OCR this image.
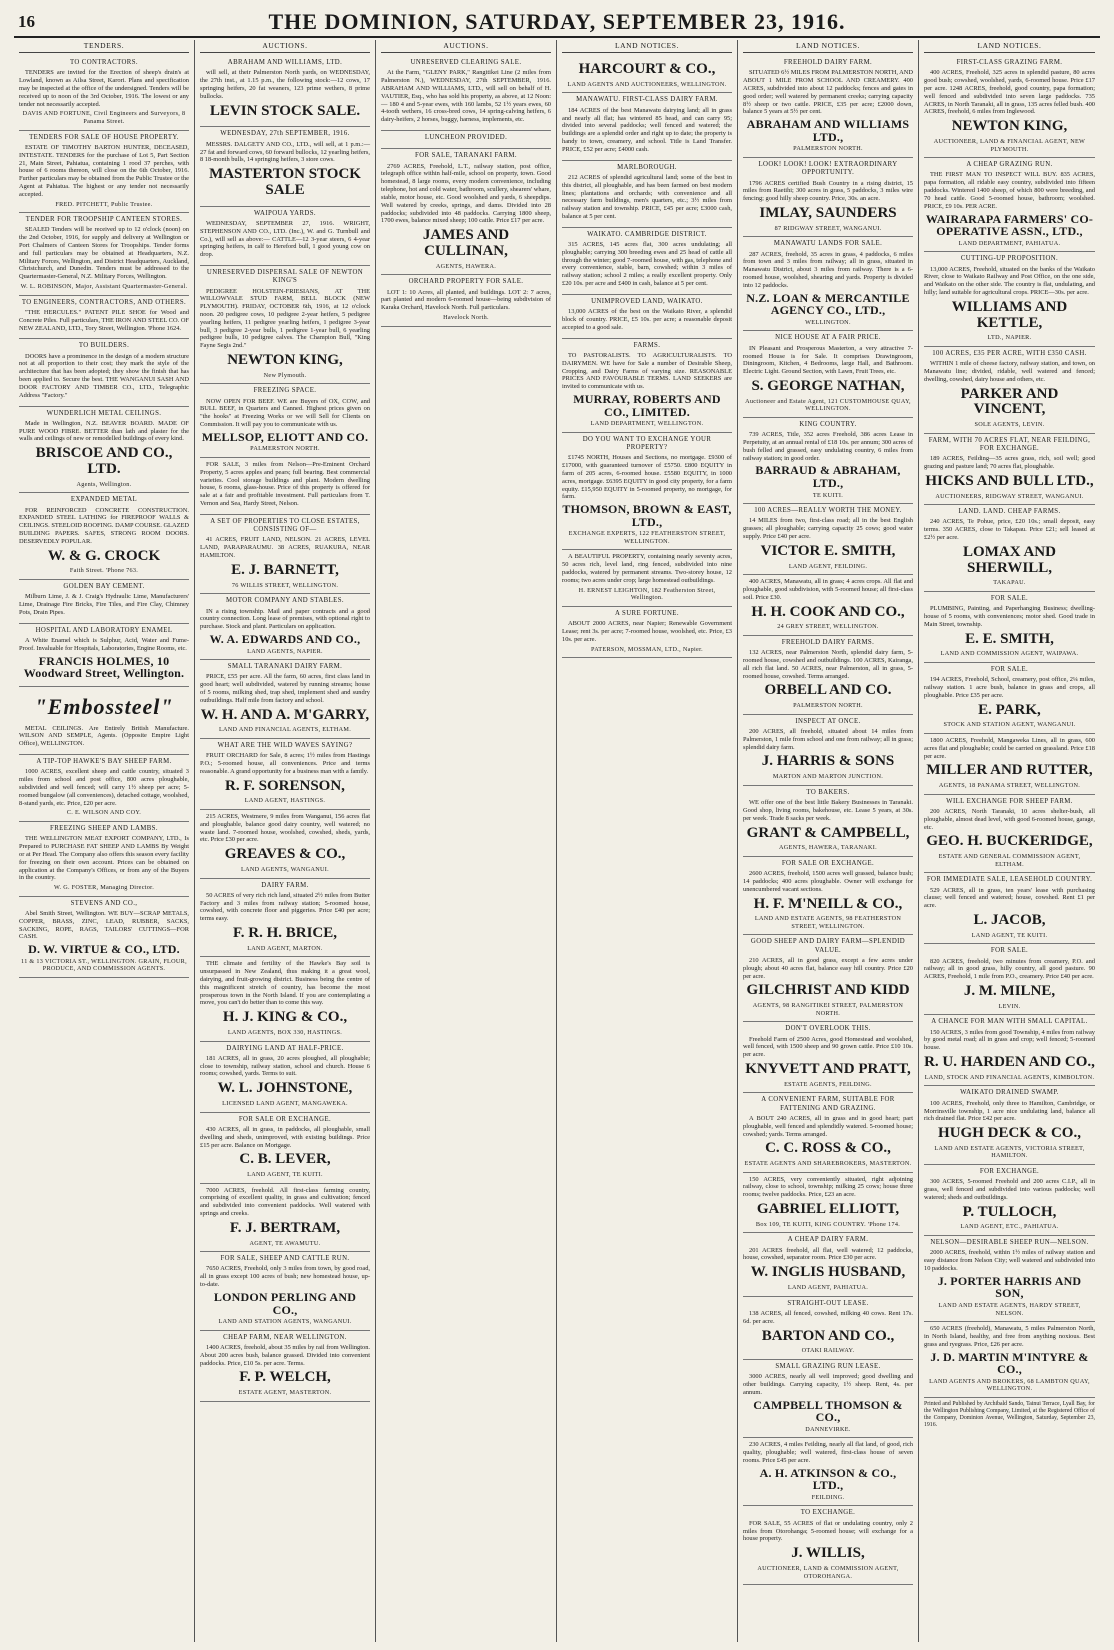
16	THE DOMINION, SATURDAY, SEPTEMBER 23, 1916.
TENDERS.
TO CONTRACTORS.

TENDERS are invited for the Erection of sheep's drain's at Lowland, known as Ailsa Street, Karori. Plans and specification may be inspected at the office of the undersigned. Tenders will be received up to noon of the 3rd October, 1916. The lowest or any tender not necessarily accepted.

DAVIS AND FORTUNE, Civil Engineers and Surveyors, 8 Panama Street.
TENDERS FOR SALE OF HOUSE PROPERTY.

ESTATE OF TIMOTHY BARTON HUNTER, DECEASED, INTESTATE. TENDERS for the purchase of Lot 5, Part Section 21, Main Street, Pahiatua, containing 1 rood 37 perches, with house of 6 rooms thereon, will close on the 6th October, 1916. Further particulars may be obtained from the Public Trustee or the Agent at Pahiatua. The highest or any tender not necessarily accepted.

FRED. PITCHETT, Public Trustee.
TENDER FOR TROOPSHIP CANTEEN STORES.

SEALED Tenders will be received up to 12 o'clock (noon) on the 2nd October, 1916, for supply and delivery at Wellington or Port Chalmers of Canteen Stores for Troopships. Tender forms and full particulars may be obtained at Headquarters, N.Z. Military Forces, Wellington, and District Headquarters, Auckland, Christchurch, and Dunedin. Tenders must be addressed to the Quartermaster-General, N.Z. Military Forces, Wellington.

W. L. ROBINSON, Major, Assistant Quartermaster-General.
TO ENGINEERS, CONTRACTORS, AND OTHERS.

"THE HERCULES." PATENT PILE SHOE for Wood and Concrete Piles. Full particulars, THE IRON AND STEEL CO. OF NEW ZEALAND, LTD., Tory Street, Wellington. 'Phone 1624.

TO BUILDERS.

DOORS have a prominence in the design of a modern structure not at all proportion to their cost; they mark the style of the architecture that has been adopted; they show the finish that has been applied to. Secure the best. THE WANGANUI SASH AND DOOR FACTORY AND TIMBER CO., LTD., Telegraphic Address "Factory."

WUNDERLICH METAL CEILINGS.

Made in Wellington, N.Z. BEAVER BOARD. MADE OF PURE WOOD FIBRE. BETTER than lath and plaster for the walls and ceilings of new or remodelled buildings of every kind.

BRISCOE AND CO., LTD.
Agents, Wellington.
EXPANDED METAL

FOR REINFORCED CONCRETE CONSTRUCTION. EXPANDED STEEL LATHING for FIREPROOF WALLS & CEILINGS. STEELOID ROOFING. DAMP COURSE. GLAZED BUILDING PAPERS. SAFES, STRONG ROOM DOORS. DESERVEDLY POPULAR.

W. & G. CROCK
Faith Street. 'Phone 763.
GOLDEN BAY CEMENT.

Milburn Lime, J. & J. Craig's Hydraulic Lime, Manufacturers' Lime, Drainage Fire Bricks, Fire Tiles, and Fire Clay, Chimney Pots, Drain Pipes.

HOSPITAL AND LABORATORY ENAMEL

A White Enamel which is Sulphur, Acid, Water and Fume-Proof. Invaluable for Hospitals, Laboratories, Engine Rooms, etc.

FRANCIS HOLMES, 10 Woodward Street, Wellington.
"Embossteel"

METAL CEILINGS. Are Entirely British Manufacture. WILSON AND SEMPLE, Agents. (Opposite Empire Light Office), WELLINGTON.

A TIP-TOP HAWKE'S BAY SHEEP FARM.

1000 ACRES, excellent sheep and cattle country, situated 3 miles from school and post office, 800 acres ploughable, subdivided and well fenced; will carry 1½ sheep per acre; 5-roomed bungalow (all conveniences), detached cottage, woolshed, 8-stand yards, etc. Price, £20 per acre.

C. E. WILSON AND COY.
FREEZING SHEEP AND LAMBS.

THE WELLINGTON MEAT EXPORT COMPANY, LTD., Is Prepared to PURCHASE FAT SHEEP AND LAMBS By Weight or at Per Head. The Company also offers this season every facility for freezing on their own account. Prices can be obtained on application at the Company's Offices, or from any of the Buyers in the country.

W. G. FOSTER, Managing Director.
STEVENS AND CO.,

Abel Smith Street, Wellington. WE BUY—SCRAP METALS, COPPER, BRASS, ZINC, LEAD, RUBBER, SACKS, SACKING, ROPE, RAGS, TAILORS' CUTTINGS—FOR CASH.

D. W. VIRTUE & CO., LTD.
11 & 13 VICTORIA ST., WELLINGTON. GRAIN, FLOUR, PRODUCE, AND COMMISSION AGENTS.
AUCTIONS.
ABRAHAM AND WILLIAMS, LTD.

will sell, at their Palmerston North yards, on WEDNESDAY, the 27th inst., at 1.15 p.m., the following stock:—12 cows, 17 springing heifers, 20 fat weaners, 123 prime wethers, 8 prime bullocks.

LEVIN STOCK SALE.
WEDNESDAY, 27th SEPTEMBER, 1916.

MESSRS. DALGETY AND CO., LTD., will sell, at 1 p.m.:— 27 fat and forward cows, 60 forward bullocks, 12 yearling heifers, 8 18-month bulls, 14 springing heifers, 3 store cows.

MASTERTON STOCK SALE
WAIPOUA YARDS.

WEDNESDAY, SEPTEMBER 27, 1916. WRIGHT, STEPHENSON AND CO., LTD. (Inc.), W. and G. Turnbull and Co.), will sell as above:— CATTLE—12 3-year steers, 6 4-year springing heifers, in calf to Hereford bull, 1 good young cow on drop.

UNRESERVED DISPERSAL SALE OF NEWTON KING'S

PEDIGREE HOLSTEIN-FRIESIANS, AT THE WILLOWVALE STUD FARM, BELL BLOCK (NEW PLYMOUTH). FRIDAY, OCTOBER 6th, 1916, at 12 o'clock noon. 20 pedigree cows, 10 pedigree 2-year heifers, 5 pedigree yearling heifers, 11 pedigree yearling heifers, 1 pedigree 3-year bull, 3 pedigree 2-year bulls, 1 pedigree 1-year bull, 6 yearling pedigree bulls, 10 pedigree calves. The Champion Bull, "King Fayne Segis 2nd."

NEWTON KING,
New Plymouth.
FREEZING SPACE.

NOW OPEN FOR BEEF. WE are Buyers of OX, COW, and BULL BEEF, in Quarters and Canned. Highest prices given on "the hooks" at Freezing Works or we will Sell for Clients on Commission. It will pay you to communicate with us.

MELLSOP, ELIOTT AND CO.
PALMERSTON NORTH.

FOR SALE, 3 miles from Nelson—Pre-Eminent Orchard Property, 5 acres apples and pears; full bearing. Best commercial varieties. Cool storage buildings and plant. Modern dwelling house, 6 rooms, glass-house. Price of this property is offered for sale at a fair and profitable investment. Full particulars from T. Vernon and Sea, Hardy Street, Nelson.

A SET OF PROPERTIES TO CLOSE ESTATES, CONSISTING OF—

41 ACRES, FRUIT LAND, NELSON. 21 ACRES, LEVEL LAND, PARAPARAUMU. 38 ACRES, RUAKURA, NEAR HAMILTON.

E. J. BARNETT,
76 WILLIS STREET, WELLINGTON.
MOTOR COMPANY AND STABLES.

IN a rising township. Mail and paper contracts and a good country connection. Long lease of premises, with optional right to purchase. Stock and plant. Particulars on application.

W. A. EDWARDS AND CO.,
LAND AGENTS, NAPIER.
SMALL TARANAKI DAIRY FARM.

PRICE, £55 per acre. All the farm, 60 acres, first class land in good heart; well subdivided, watered by running streams; house of 5 rooms, milking shed, trap shed, implement shed and sundry outbuildings. Half mile from factory and school.

W. H. AND A. M'GARRY,
LAND AND FINANCIAL AGENTS, ELTHAM.
WHAT ARE THE WILD WAVES SAYING?

FRUIT ORCHARD for Sale, 8 acres; 1½ miles from Hastings P.O.; 5-roomed house, all conveniences. Price and terms reasonable. A grand opportunity for a business man with a family.

R. F. SORENSON,
LAND AGENT, HASTINGS.

215 ACRES, Westmere, 9 miles from Wanganui, 156 acres flat and ploughable, balance good dairy country, well watered; no waste land. 7-roomed house, woolshed, cowshed, sheds, yards, etc. Price £30 per acre.

GREAVES & CO.,
LAND AGENTS, WANGANUI.
DAIRY FARM.

50 ACRES of very rich rich land, situated 2½ miles from Butter Factory and 3 miles from railway station; 5-roomed house, cowshed, with concrete floor and piggeries. Price £40 per acre; terms easy.

F. R. H. BRICE,
LAND AGENT, MARTON.

THE climate and fertility of the Hawke's Bay soil is unsurpassed in New Zealand, thus making it a great wool, dairying, and fruit-growing district. Business being the centre of this magnificent stretch of country, has become the most prosperous town in the North Island. If you are contemplating a move, you can't do better than to come this way.

H. J. KING & CO.,
LAND AGENTS, BOX 330, HASTINGS.
DAIRYING LAND AT HALF-PRICE.

181 ACRES, all in grass, 20 acres ploughed, all ploughable; close to township, railway station, school and church. House 6 rooms; cowshed, yards. Terms to suit.

W. L. JOHNSTONE,
LICENSED LAND AGENT, MANGAWEKA.
FOR SALE OR EXCHANGE.

430 ACRES, all in grass, in paddocks, all ploughable, small dwelling and sheds, unimproved, with existing buildings. Price £15 per acre. Balance on Mortgage.

C. B. LEVER,
LAND AGENT, TE KUITI.

7000 ACRES, freehold. All first-class farming country, comprising of excellent quality, in grass and cultivation; fenced and subdivided into convenient paddocks. Well watered with springs and creeks.

F. J. BERTRAM,
AGENT, TE AWAMUTU.
FOR SALE, SHEEP AND CATTLE RUN.

7650 ACRES, Freehold, only 3 miles from town, by good road, all in grass except 100 acres of bush; new homestead house, up-to-date.

LONDON PERLING AND CO.,
LAND AND STATION AGENTS, WANGANUI.
CHEAP FARM, NEAR WELLINGTON.

1400 ACRES, freehold, about 35 miles by rail from Wellington. About 200 acres bush, balance grassed. Divided into convenient paddocks. Price, £10 5s. per acre. Terms.

F. P. WELCH,
ESTATE AGENT, MASTERTON.
AUCTIONS.
UNRESERVED CLEARING SALE.

At the Farm, "GLENY PARK," Rangitikei Line (2 miles from Palmerston N.), WEDNESDAY, 27th SEPTEMBER, 1916. ABRAHAM AND WILLIAMS, LTD., will sell on behalf of H. VAUTIER, Esq., who has sold his property, as above, at 12 Noon:— 180 4 and 5-year ewes, with 160 lambs, 52 1½ years ewes, 60 4-tooth wethers, 16 cross-bred cows, 14 spring-calving heifers, 6 dairy-heifers, 2 horses, buggy, harness, implements, etc.

LUNCHEON PROVIDED.
FOR SALE, TARANAKI FARM.

2769 ACRES, Freehold, L.T., railway station, post office, telegraph office within half-mile, school on property, town. Good homestead, 8 large rooms, every modern convenience, including telephone, hot and cold water, bathroom, scullery, shearers' whare, stable, motor house, etc. Good woolshed and yards, 6 sheepdips. Well watered by creeks, springs, and dams. Divided into 28 paddocks; subdivided into 48 paddocks. Carrying 1800 sheep, 1700 ewes, balance mixed sheep; 100 cattle. Price £17 per acre.

JAMES AND CULLINAN,
AGENTS, HAWERA.
ORCHARD PROPERTY FOR SALE.

LOT 1: 10 Acres, all planted, and buildings. LOT 2: 7 acres, part planted and modern 6-roomed house—being subdivision of Karaka Orchard, Havelock North. Full particulars.

Havelock North.
LAND NOTICES.
HARCOURT & CO.,
LAND AGENTS AND AUCTIONEERS, WELLINGTON.
MANAWATU. FIRST-CLASS DAIRY FARM.

184 ACRES of the best Manawatu dairying land; all in grass and nearly all flat; has wintered 85 head, and can carry 95; divided into several paddocks; well fenced and watered; the buildings are a splendid order and right up to date; the property is handy to town, creamery, and school. Title is Land Transfer. PRICE, £52 per acre; £4000 cash.

MARLBOROUGH.

212 ACRES of splendid agricultural land; some of the best in this district, all ploughable, and has been farmed on best modern lines; plantations and orchards; with convenience and all necessary farm buildings, men's quarters, etc.; 3½ miles from railway station and township. PRICE, £45 per acre; £3000 cash, balance at 5 per cent.

WAIKATO. CAMBRIDGE DISTRICT.

315 ACRES, 145 acres flat, 300 acres undulating; all ploughable; carrying 300 breeding ewes and 25 head of cattle all through the winter; good 7-roomed house, with gas, telephone and every convenience, stable, barn, cowshed; within 3 miles of railway station; school 2 miles; a really excellent property. Only £20 10s. per acre and £400 in cash, balance at 5 per cent.

UNIMPROVED LAND, WAIKATO.

13,000 ACRES of the best on the Waikato River, a splendid block of country. PRICE, £5 10s. per acre; a reasonable deposit accepted to a good sale.

FARMS.

TO PASTORALISTS. TO AGRICULTURALISTS. TO DAIRYMEN. WE have for Sale a number of Desirable Sheep, Cropping, and Dairy Farms of varying size. REASONABLE PRICES AND FAVOURABLE TERMS. LAND SEEKERS are invited to communicate with us.

MURRAY, ROBERTS AND CO., LIMITED.
LAND DEPARTMENT, WELLINGTON.
DO YOU WANT TO EXCHANGE YOUR PROPERTY?

£1745 NORTH, Houses and Sections, no mortgage. £9300 of £17000, with guaranteed turnover of £5750. £800 EQUITY in farm of 205 acres, 6-roomed house. £5580 EQUITY, in 1000 acres, mortgage. £6395 EQUITY in good city property, for a farm equity. £15,950 EQUITY in 5-roomed property, no mortgage, for farm.

THOMSON, BROWN & EAST, LTD.,
EXCHANGE EXPERTS, 122 FEATHERSTON STREET, WELLINGTON.

A BEAUTIFUL PROPERTY, containing nearly seventy acres, 50 acres rich, level land, ring fenced, subdivided into nine paddocks, watered by permanent streams. Two-storey house, 12 rooms; two acres under crop; large homestead outbuildings.

H. ERNEST LEIGHTON, 182 Featherston Street, Wellington.
A SURE FORTUNE.

ABOUT 2000 ACRES, near Napier; Renewable Government Lease; rent 3s. per acre; 7-roomed house, woolshed, etc. Price, £3 10s. per acre.

PATERSON, MOSSMAN, LTD., Napier.
LAND NOTICES.
FREEHOLD DAIRY FARM.

SITUATED 6½ MILES FROM PALMERSTON NORTH, AND ABOUT 1 MILE FROM SCHOOL AND CREAMERY. 400 ACRES, subdivided into about 12 paddocks; fences and gates in good order; well watered by permanent creeks; carrying capacity 8½ sheep or two cattle. PRICE, £35 per acre; £2000 down, balance 5 years at 5½ per cent.

ABRAHAM AND WILLIAMS LTD.,
PALMERSTON NORTH.
LOOK! LOOK! LOOK! EXTRAORDINARY OPPORTUNITY.

1796 ACRES certified Bush Country in a rising district, 15 miles from Raetihi; 300 acres in grass, 5 paddocks, 3 miles wire fencing; good hilly sheep country. Price, 30s. an acre.

IMLAY, SAUNDERS
87 RIDGWAY STREET, WANGANUI.
MANAWATU LANDS FOR SALE.

287 ACRES, freehold, 35 acres in grass, 4 paddocks, 6 miles from town and 3 miles from railway; all in grass, situated in Manawatu District, about 3 miles from railway. There is a 6-roomed house, woolshed, shearing and yards. Property is divided into 12 paddocks.

N.Z. LOAN & MERCANTILE AGENCY CO., LTD.,
WELLINGTON.
NICE HOUSE AT A FAIR PRICE.

IN Pleasant and Prosperous Masterton, a very attractive 7-roomed House is for Sale. It comprises Drawingroom, Diningroom, Kitchen, 4 Bedrooms, large Hall, and Bathroom. Electric Light. Ground Section, with Lawn, Fruit Trees, etc.

S. GEORGE NATHAN,
Auctioneer and Estate Agent, 121 CUSTOMHOUSE QUAY, WELLINGTON.
KING COUNTRY.

739 ACRES, Title, 352 acres Freehold, 386 acres Lease in Perpetuity, at an annual rental of £18 10s. per annum; 300 acres of bush felled and grassed, easy undulating country, 6 miles from railway station; in good order.

BARRAUD & ABRAHAM, LTD.,
TE KUITI.
100 ACRES—REALLY WORTH THE MONEY.

14 MILES from two, first-class road; all in the best English grasses; all ploughable; carrying capacity 25 cows; good water supply. Price £40 per acre.

VICTOR E. SMITH,
LAND AGENT, FEILDING.

400 ACRES, Manawatu, all in grass; 4 acres crops. All flat and ploughable, good subdivision, with 5-roomed house; all first-class soil. Price £30.

H. H. COOK AND CO.,
24 GREY STREET, WELLINGTON.
FREEHOLD DAIRY FARMS.

132 ACRES, near Palmerston North, splendid dairy farm, 5-roomed house, cowshed and outbuildings. 100 ACRES, Kairanga, all rich flat land. 50 ACRES, near Palmerston, all in grass, 5-roomed house, cowshed. Terms arranged.

ORBELL AND CO.
PALMERSTON NORTH.
INSPECT AT ONCE.

200 ACRES, all freehold, situated about 14 miles from Palmerston, 1 mile from school and one from railway; all in grass; splendid dairy farm.

J. HARRIS & SONS
MARTON AND MARTON JUNCTION.
TO BAKERS.

WE offer one of the best little Bakery Businesses in Taranaki. Good shop, living rooms, bakehouse, etc. Lease 5 years, at 30s. per week. Trade 8 sacks per week.

GRANT & CAMPBELL,
AGENTS, HAWERA, TARANAKI.
FOR SALE OR EXCHANGE.

2600 ACRES, freehold, 1500 acres well grassed, balance bush; 14 paddocks; 400 acres ploughable. Owner will exchange for unencumbered vacant sections.

H. F. M'NEILL & CO.,
LAND AND ESTATE AGENTS, 98 FEATHERSTON STREET, WELLINGTON.
GOOD SHEEP AND DAIRY FARM—SPLENDID VALUE.

210 ACRES, all in good grass, except a few acres under plough; about 40 acres flat, balance easy hill country. Price £20 per acre.

GILCHRIST AND KIDD
AGENTS, 98 RANGITIKEI STREET, PALMERSTON NORTH.
DON'T OVERLOOK THIS.

Freehold Farm of 2500 Acres, good Homestead and woolshed, well fenced, with 1500 sheep and 90 grown cattle. Price £10 10s. per acre.

KNYVETT AND PRATT,
ESTATE AGENTS, FEILDING.
A CONVENIENT FARM, SUITABLE FOR FATTENING AND GRAZING.

A BOUT 240 ACRES, all in grass and in good heart; part ploughable, well fenced and splendidly watered. 5-roomed house; cowshed; yards. Terms arranged.

C. C. ROSS & CO.,
ESTATE AGENTS AND SHAREBROKERS, MASTERTON.

150 ACRES, very conveniently situated, right adjoining railway, close to school, township; milking 25 cows; house three rooms; twelve paddocks. Price, £23 an acre.

GABRIEL ELLIOTT,
Box 109, TE KUITI, KING COUNTRY. 'Phone 174.
A CHEAP DAIRY FARM.

201 ACRES freehold, all flat, well watered; 12 paddocks, house, cowshed, separator room. Price £30 per acre.

W. INGLIS HUSBAND,
LAND AGENT, PAHIATUA.
STRAIGHT-OUT LEASE.

138 ACRES, all fenced, cowshed, milking 40 cows. Rent 17s. 6d. per acre.

BARTON AND CO.,
OTAKI RAILWAY.
SMALL GRAZING RUN LEASE.

3000 ACRES, nearly all well improved; good dwelling and other buildings. Carrying capacity, 1½ sheep. Rent, 4s. per annum.

CAMPBELL THOMSON & CO.,
DANNEVIRKE.

230 ACRES, 4 miles Feilding, nearly all flat land, of good, rich quality, ploughable; well watered, first-class house of seven rooms. Price £45 per acre.

A. H. ATKINSON & CO., LTD.,
FEILDING.
TO EXCHANGE.

FOR SALE, 55 ACRES of flat or undulating country, only 2 miles from Otorohanga; 5-roomed house; will exchange for a house property.

J. WILLIS,
AUCTIONEER, LAND & COMMISSION AGENT, OTOROHANGA.
LAND NOTICES.
FIRST-CLASS GRAZING FARM.

400 ACRES, Freehold, 325 acres in splendid pasture, 80 acres good bush; cowshed, woolshed, yards, 6-roomed house. Price £17 per acre. 1248 ACRES, freehold, good country, papa formation; well fenced and subdivided into seven large paddocks. 735 ACRES, in North Taranaki, all in grass, 135 acres felled bush. 400 ACRES, freehold, 6 miles from Inglewood.

NEWTON KING,
AUCTIONEER, LAND & FINANCIAL AGENT, NEW PLYMOUTH.
A CHEAP GRAZING RUN.

THE FIRST MAN TO INSPECT WILL BUY. 835 ACRES, papa formation, all ridable easy country, subdivided into fifteen paddocks. Wintered 1400 sheep, of which 800 were breeding, and 70 head cattle. Good 5-roomed house, bathroom; woolshed. PRICE, £9 10s. PER ACRE.

WAIRARAPA FARMERS' CO-OPERATIVE ASSN., LTD.,
LAND DEPARTMENT, PAHIATUA.
CUTTING-UP PROPOSITION.

13,000 ACRES, Freehold, situated on the banks of the Waikato River, close to Waikato Railway and Post Office, on the one side, and Waikato on the other side. The country is flat, undulating, and hilly; land suitable for agricultural crops. PRICE—30s. per acre.

WILLIAMS AND KETTLE,
LTD., NAPIER.
100 ACRES, £35 PER ACRE, WITH £350 CASH.

WITHIN 1 mile of cheese factory, railway station, and town, on Manawatu line; divided, ridable, well watered and fenced; dwelling, cowshed, dairy house and others, etc.

PARKER AND VINCENT,
SOLE AGENTS, LEVIN.
FARM, WITH 70 ACRES FLAT, NEAR FEILDING, FOR EXCHANGE.

189 ACRES, Feilding—35 acres grass, rich, soil well; good grazing and pasture land; 70 acres flat, ploughable.

HICKS AND BULL LTD.,
AUCTIONEERS, RIDGWAY STREET, WANGANUI.
LAND. LAND. CHEAP FARMS.

240 ACRES, Te Pohue, price, £20 10s.; small deposit, easy terms. 350 ACRES, close to Takapau. Price £21; sell leased at £2½ per acre.

LOMAX AND SHERWILL,
TAKAPAU.
FOR SALE.

PLUMBING, Painting, and Paperhanging Business; dwelling-house of 5 rooms, with conveniences; motor shed. Good trade in Main Street, township.

E. E. SMITH,
LAND AND COMMISSION AGENT, WAIPAWA.
FOR SALE.

194 ACRES, Freehold, School, creamery, post office, 2¼ miles, railway station. 1 acre bush, balance in grass and crops, all ploughable. Price £35 per acre.

E. PARK,
STOCK AND STATION AGENT, WANGANUI.

1800 ACRES, Freehold, Mangaweka Lines, all in grass, 600 acres flat and ploughable; could be carried on grassland. Price £18 per acre.

MILLER AND RUTTER,
AGENTS, 18 PANAMA STREET, WELLINGTON.
WILL EXCHANGE FOR SHEEP FARM.

200 ACRES, North Taranaki, 10 acres shelter-bush, all ploughable, almost dead level, with good 6-roomed house, garage, etc.

GEO. H. BUCKERIDGE,
ESTATE AND GENERAL COMMISSION AGENT, ELTHAM.
FOR IMMEDIATE SALE, LEASEHOLD COUNTRY.

529 ACRES, all in grass, ten years' lease with purchasing clause; well fenced and watered; house, cowshed. Rent £1 per acre.

L. JACOB,
LAND AGENT, TE KUITI.
FOR SALE.

820 ACRES, freehold, two minutes from creamery, P.O. and railway; all in good grass, hilly country, all good pasture. 90 ACRES, Freehold, 1 mile from P.O., creamery. Price £40 per acre.

J. M. MILNE,
LEVIN.
A CHANCE FOR MAN WITH SMALL CAPITAL.

150 ACRES, 3 miles from good Township, 4 miles from railway by good metal road; all in grass and crop; well fenced; 5-roomed house.

R. U. HARDEN AND CO.,
LAND, STOCK AND FINANCIAL AGENTS, KIMBOLTON.
WAIKATO DRAINED SWAMP.

100 ACRES, Freehold, only three to Hamilton, Cambridge, or Morrinsville township, 1 acre nice undulating land, balance all rich drained flat. Price £42 per acre.

HUGH DECK & CO.,
LAND AND ESTATE AGENTS, VICTORIA STREET, HAMILTON.
FOR EXCHANGE.

300 ACRES, 5-roomed Freehold and 200 acres C.I.P., all in grass, well fenced and subdivided into various paddocks; well watered; sheds and outbuildings.

P. TULLOCH,
LAND AGENT, ETC., PAHIATUA.
NELSON—DESIRABLE SHEEP RUN—NELSON.

2000 ACRES, freehold, within 1½ miles of railway station and easy distance from Nelson City; well watered and subdivided into 10 paddocks.

J. PORTER HARRIS AND SON,
LAND AND ESTATE AGENTS, HARDY STREET, NELSON.

650 ACRES (freehold), Manawatu, 5 miles Palmerston North, in North Island, healthy, and free from anything noxious. Best grass and ryegrass. Price, £26 per acre.

J. D. MARTIN M'INTYRE & CO.,
LAND AGENTS AND BROKERS, 68 LAMBTON QUAY, WELLINGTON.
Printed and Published by Archibald Sando, Tainui Terrace, Lyall Bay, for the Wellington Publishing Company, Limited, at the Registered Office of the Company, Dominion Avenue, Wellington, Saturday, September 23, 1916.
